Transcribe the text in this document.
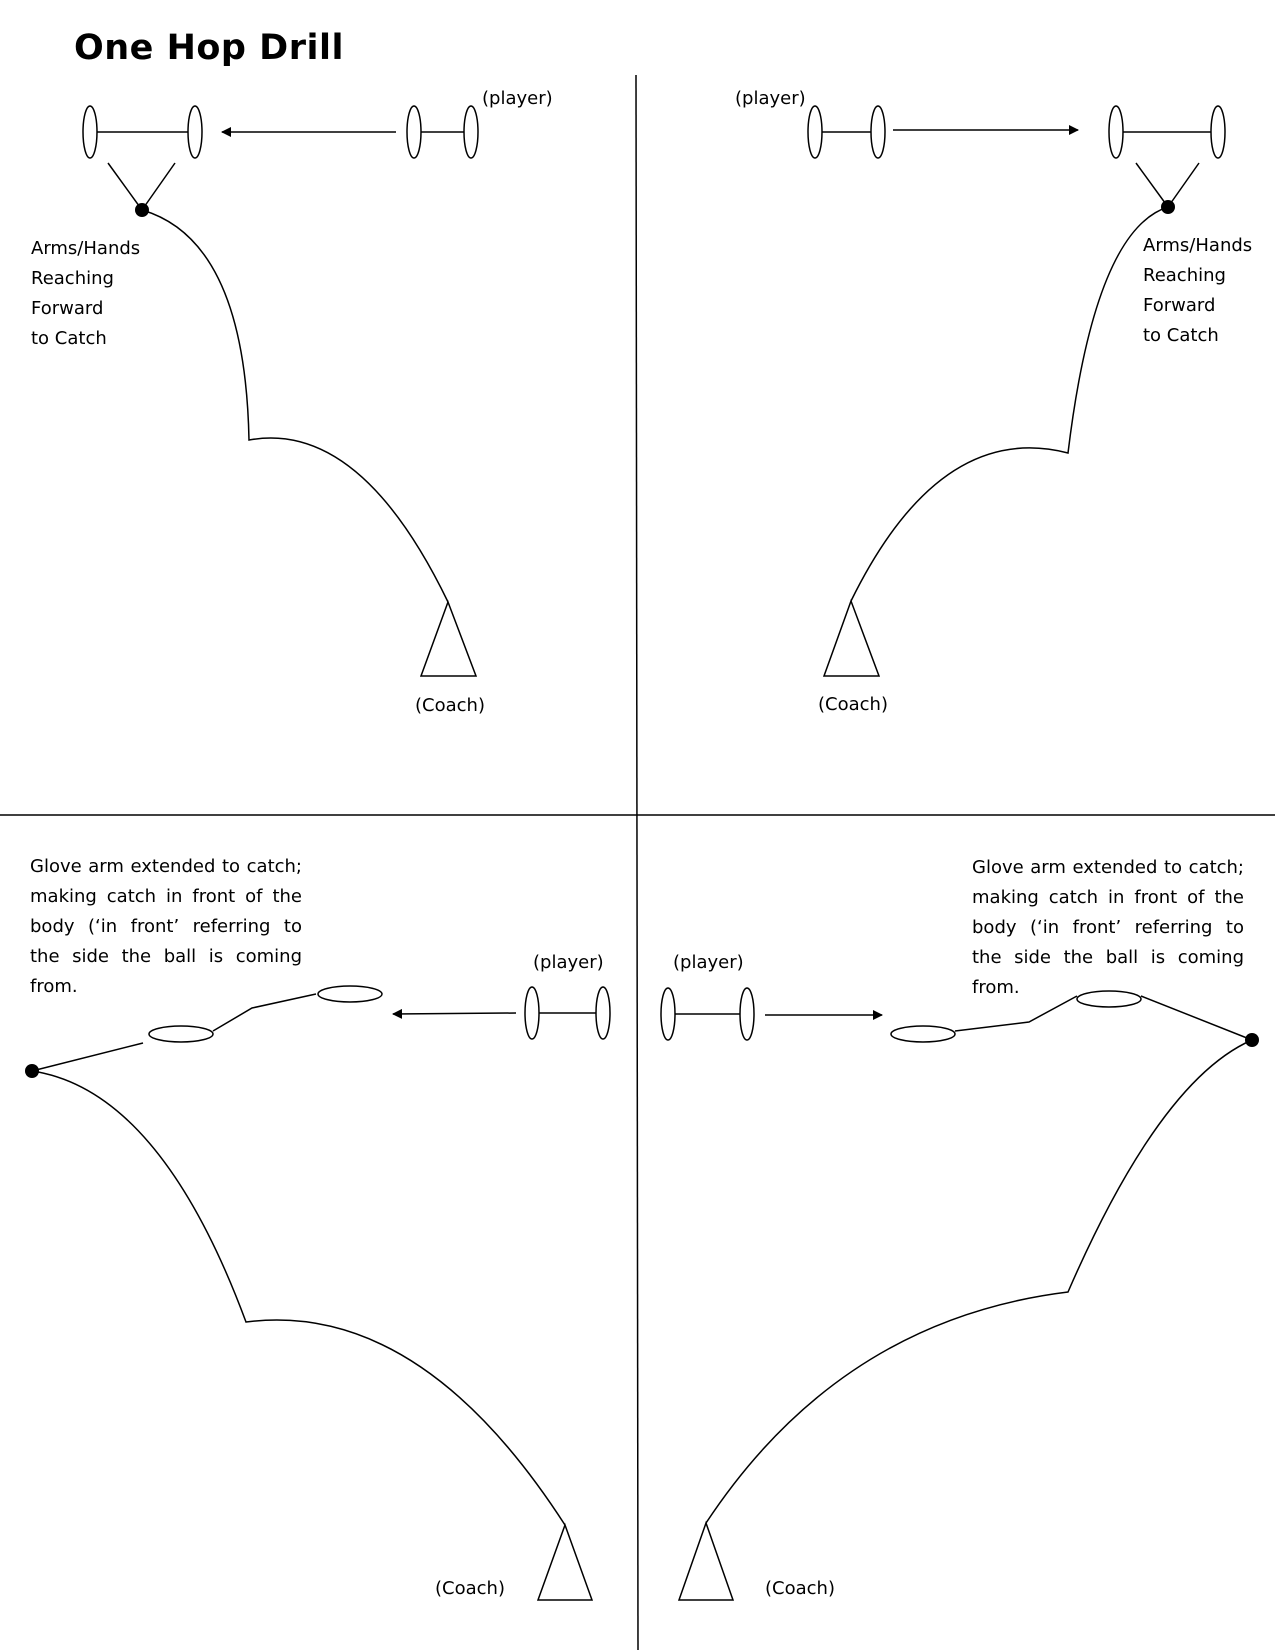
One Hop Drill
(player)
Arms/Hands
Reaching
Forward
to Catch
(Coach)
(player)
Arms/Hands
Reaching
Forward
to Catch
(Coach)
Glove arm extended to catch; making catch in front of the body (‘in front’ referring to the side the ball is coming from.
(player)
(Coach)
Glove arm extended to catch; making catch in front of the body (‘in front’ referring to the side the ball is coming from.
(player)
(Coach)
